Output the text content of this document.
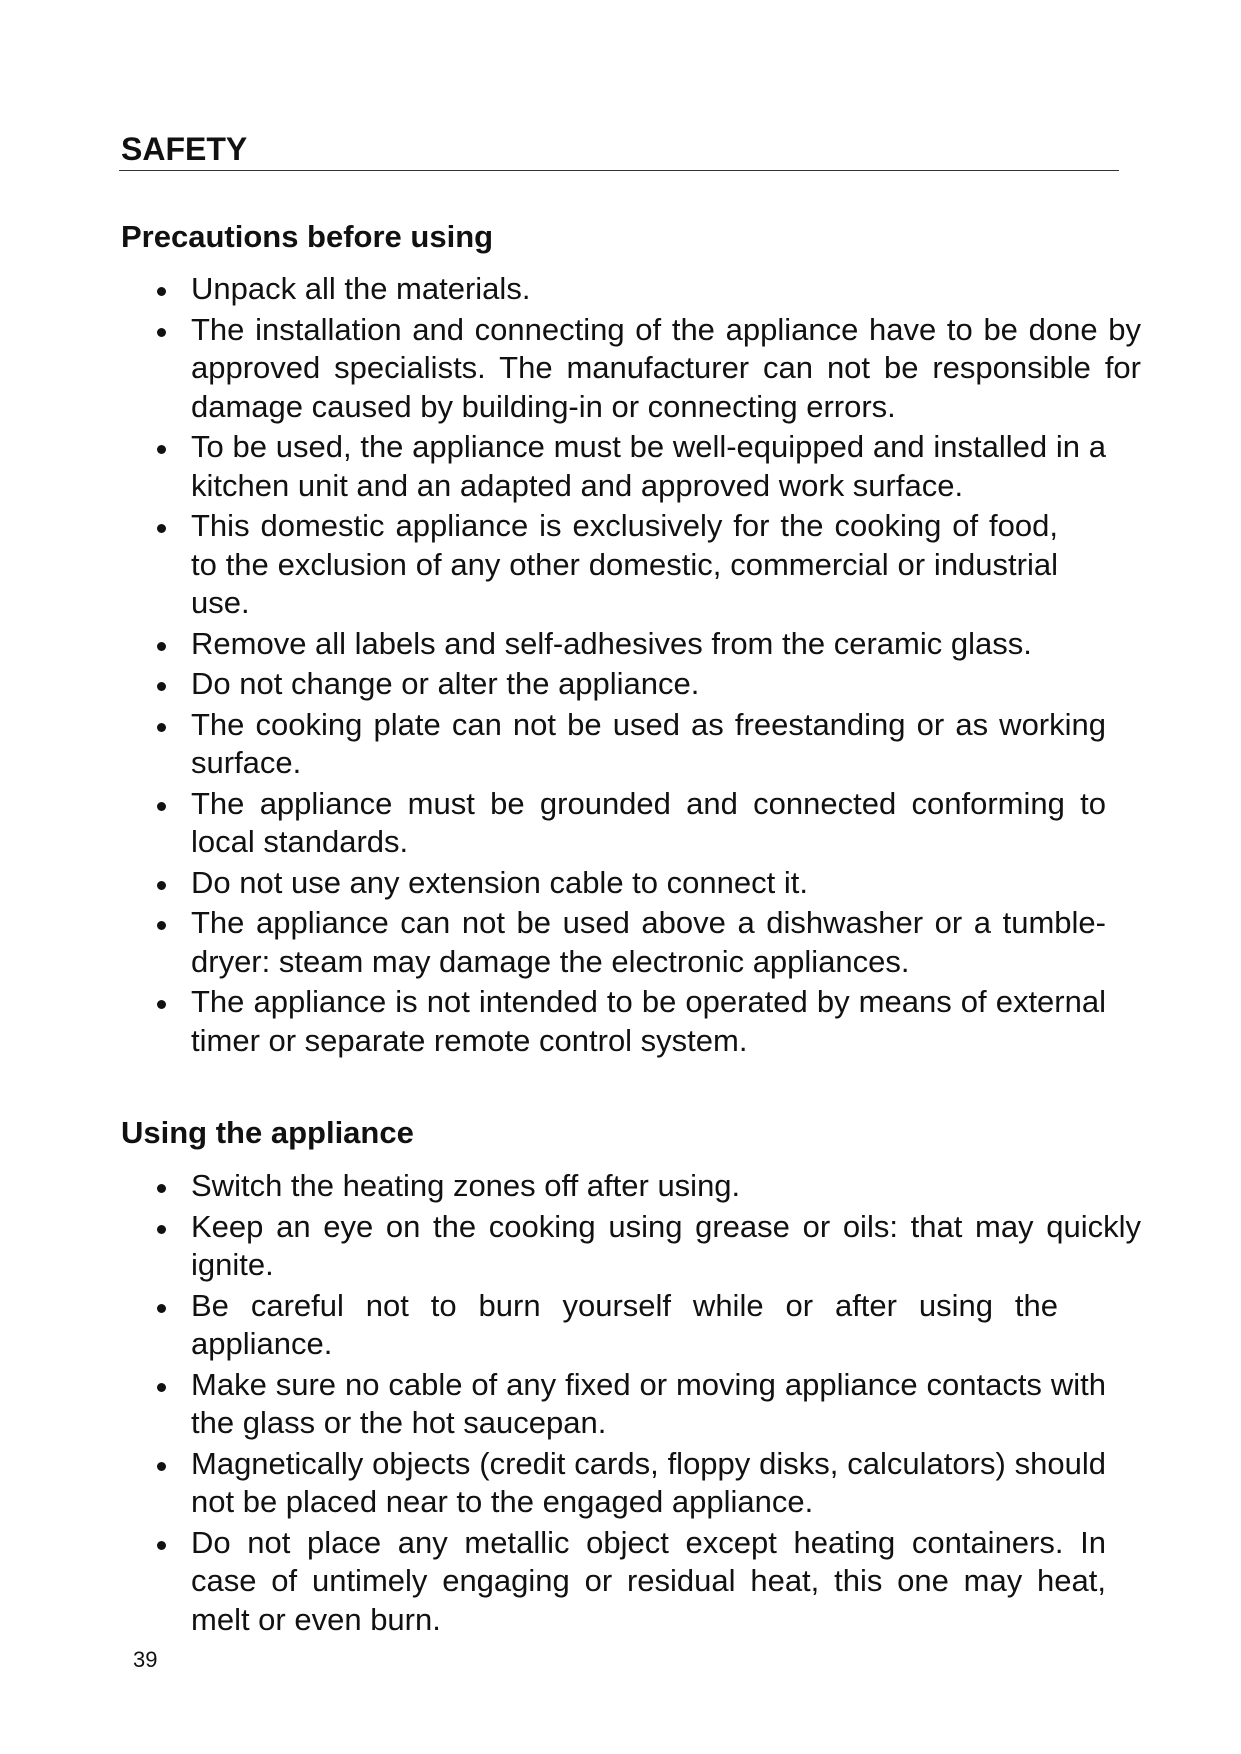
SAFETY
Precautions before using
Unpack all the materials.
The installation and connecting of the appliance have to be done by approved specialists. The manufacturer can not be responsible for damage caused by building-in or connecting errors.
To be used, the appliance must be well-equipped and installed in a kitchen unit and an adapted and approved work surface.
This domestic appliance is exclusively for the cooking of food, to the exclusion of any other domestic, commercial or industrial use.
Remove all labels and self-adhesives from the ceramic glass.
Do not change or alter the appliance.
The cooking plate can not be used as freestanding or as working surface.
The appliance must be grounded and connected conforming to local standards.
Do not use any extension cable to connect it.
The appliance can not be used above a dishwasher or a tumble-dryer: steam may damage the electronic appliances.
The appliance is not intended to be operated by means of external timer or separate remote control system.
Using the appliance
Switch the heating zones off after using.
Keep an eye on the cooking using grease or oils: that may quickly ignite.
Be careful not to burn yourself while or after using the appliance.
Make sure no cable of any fixed or moving appliance contacts with the glass or the hot saucepan.
Magnetically objects (credit cards, floppy disks, calculators) should not be placed near to the engaged appliance.
Do not place any metallic object except heating containers. In case of untimely engaging or residual heat, this one may heat, melt or even burn.
39
